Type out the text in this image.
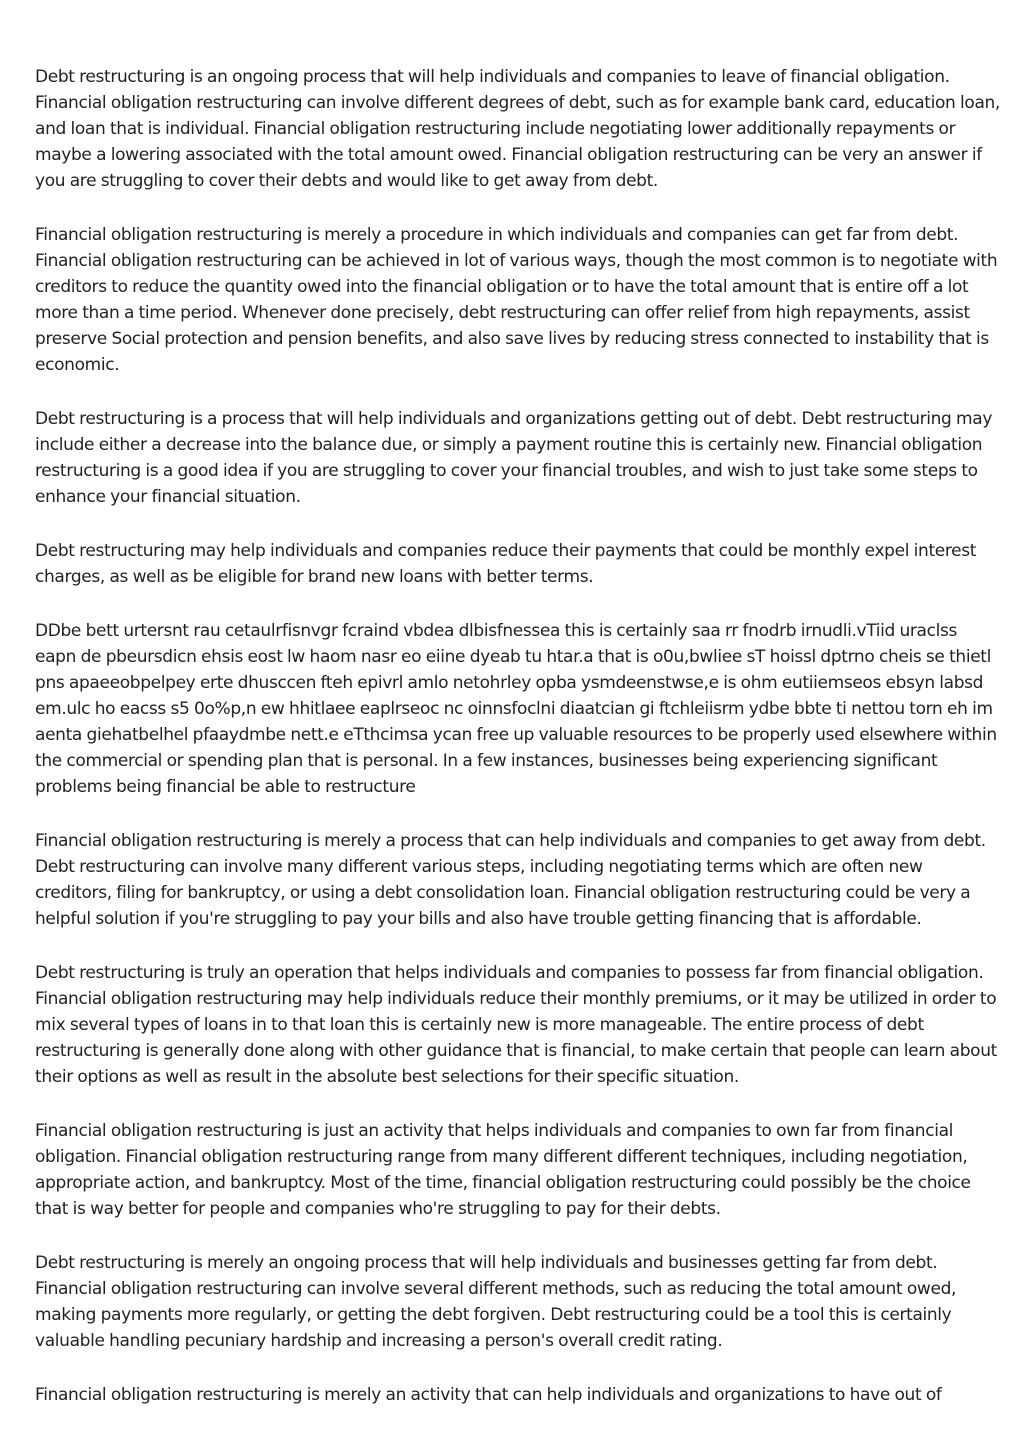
Debt restructuring is an ongoing process that will help individuals and companies to leave of financial obligation. Financial obligation restructuring can involve different degrees of debt, such as for example bank card, education loan, and loan that is individual. Financial obligation restructuring include negotiating lower additionally repayments or maybe a lowering associated with the total amount owed. Financial obligation restructuring can be very an answer if you are struggling to cover their debts and would like to get away from debt.

Financial obligation restructuring is merely a procedure in which individuals and companies can get far from debt. Financial obligation restructuring can be achieved in lot of various ways, though the most common is to negotiate with creditors to reduce the quantity owed into the financial obligation or to have the total amount that is entire off a lot more than a time period. Whenever done precisely, debt restructuring can offer relief from high repayments, assist preserve Social protection and pension benefits, and also save lives by reducing stress connected to instability that is economic.

Debt restructuring is a process that will help individuals and organizations getting out of debt. Debt restructuring may include either a decrease into the balance due, or simply a payment routine this is certainly new. Financial obligation restructuring is a good idea if you are struggling to cover your financial troubles, and wish to just take some steps to enhance your financial situation.

Debt restructuring may help individuals and companies reduce their payments that could be monthly expel interest charges, as well as be eligible for brand new loans with better terms.

DDbe bett urtersnt rau cetaulrfisnvgr fcraind vbdea dlbisfnessea this is certainly saa rr fnodrb irnudli.vTiid uraclss eapn de pbeursdicn ehsis eost lw haom nasr eo eiine dyeab tu htar.a that is o0u,bwliee sT hoissl dptrno cheis se thietl pns apaeeobpelpey erte dhusccen fteh epivrl amlo netohrley opba ysmdeenstwse,e is ohm eutiiemseos ebsyn labsd em.ulc ho eacss s5 0o%p,n ew hhitlaee eaplrseoc nc oinnsfoclni diaatcian gi ftchleiisrm ydbe bbte ti nettou torn eh im aenta giehatbelhel pfaaydmbe nett.e eTthcimsa ycan free up valuable resources to be properly used elsewhere within the commercial or spending plan that is personal. In a few instances, businesses being experiencing significant problems being financial be able to restructure

Financial obligation restructuring is merely a process that can help individuals and companies to get away from debt. Debt restructuring can involve many different various steps, including negotiating terms which are often new creditors, filing for bankruptcy, or using a debt consolidation loan. Financial obligation restructuring could be very a helpful solution if you're struggling to pay your bills and also have trouble getting financing that is affordable.

Debt restructuring is truly an operation that helps individuals and companies to possess far from financial obligation. Financial obligation restructuring may help individuals reduce their monthly premiums, or it may be utilized in order to mix several types of loans in to that loan this is certainly new is more manageable. The entire process of debt restructuring is generally done along with other guidance that is financial, to make certain that people can learn about their options as well as result in the absolute best selections for their specific situation.

Financial obligation restructuring is just an activity that helps individuals and companies to own far from financial obligation. Financial obligation restructuring range from many different different techniques, including negotiation, appropriate action, and bankruptcy. Most of the time, financial obligation restructuring could possibly be the choice that is way better for people and companies who're struggling to pay for their debts.

Debt restructuring is merely an ongoing process that will help individuals and businesses getting far from debt. Financial obligation restructuring can involve several different methods, such as reducing the total amount owed, making payments more regularly, or getting the debt forgiven. Debt restructuring could be a tool this is certainly valuable handling pecuniary hardship and increasing a person's overall credit rating.

Financial obligation restructuring is merely an activity that can help individuals and organizations to have out of
